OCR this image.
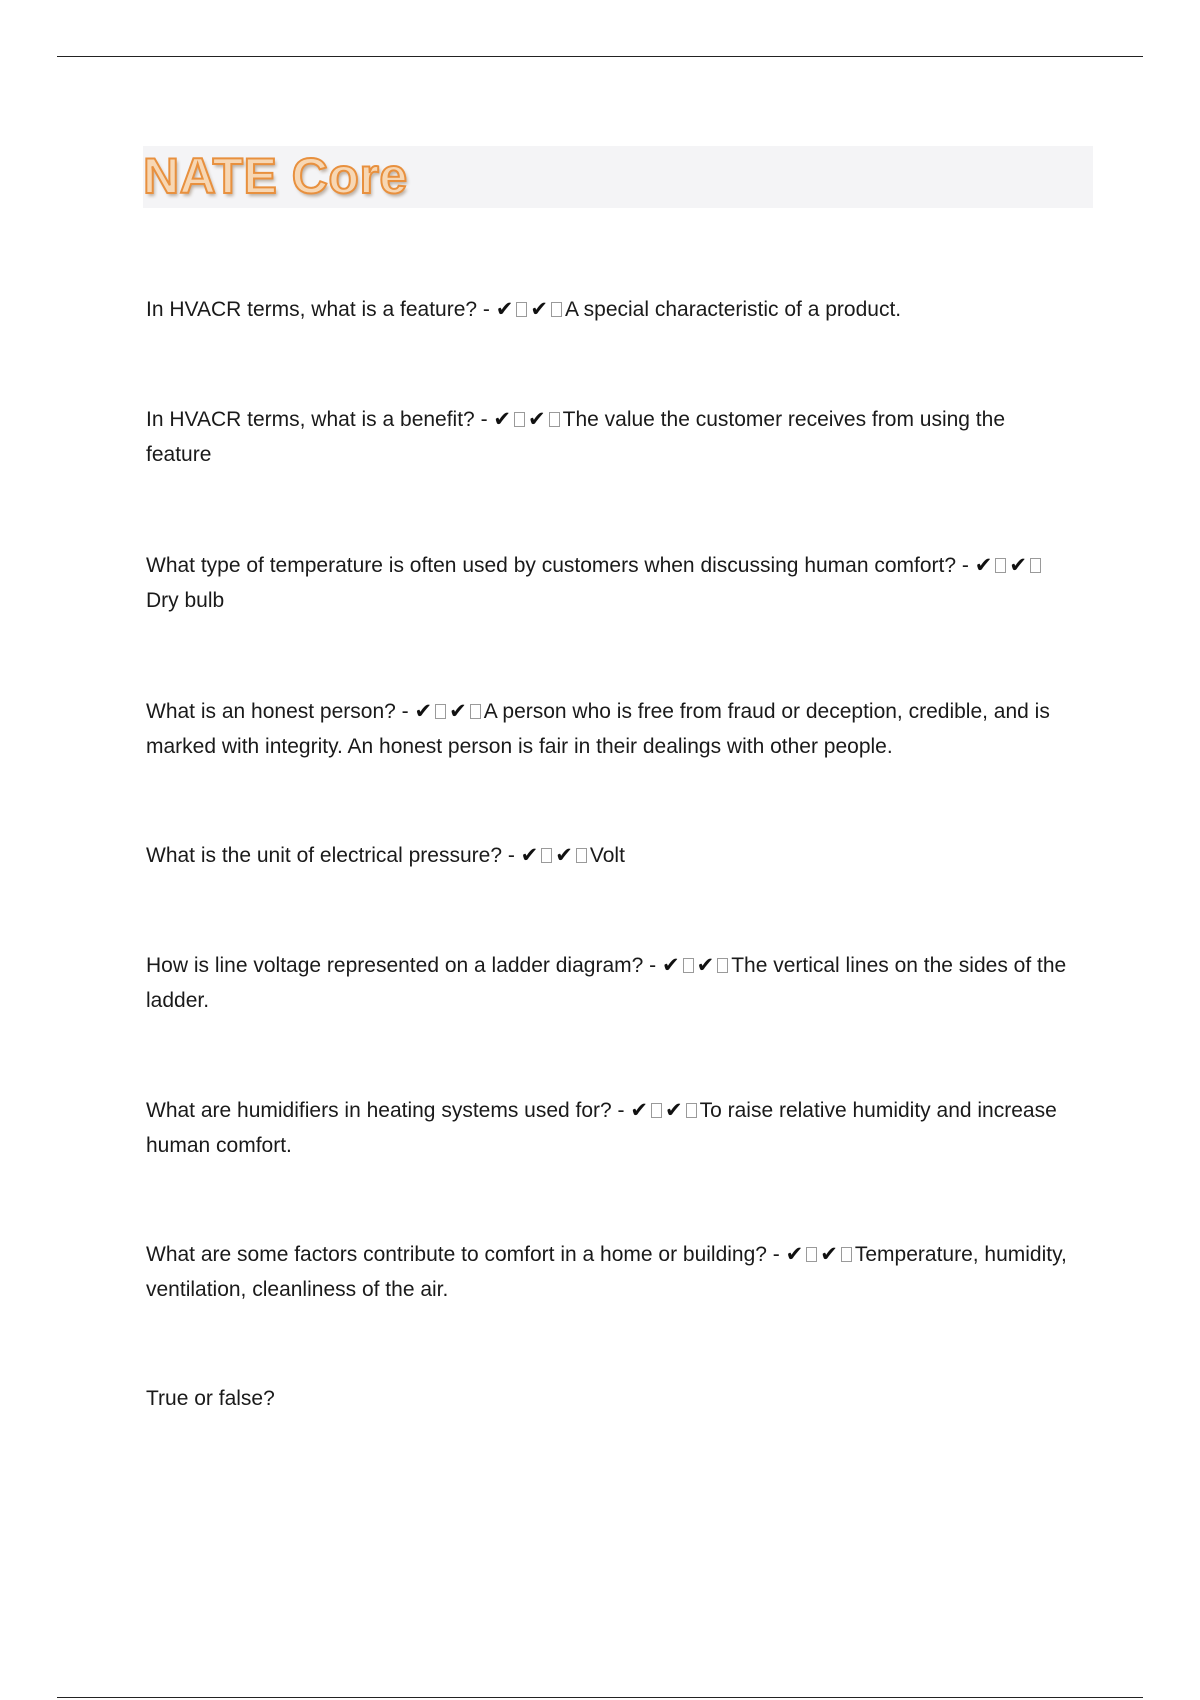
NATE Core

In HVACR terms, what is a feature? - ✔ ✔ A special characteristic of a product.

In HVACR terms, what is a benefit? - ✔ ✔ The value the customer receives from using the feature

What type of temperature is often used by customers when discussing human comfort? - ✔ ✔Dry bulb

What is an honest person? - ✔ ✔ A person who is free from fraud or deception, credible, and is marked with integrity. An honest person is fair in their dealings with other people.

What is the unit of electrical pressure? - ✔ ✔ Volt

How is line voltage represented on a ladder diagram? - ✔ ✔ The vertical lines on the sides of the ladder.

What are humidifiers in heating systems used for? - ✔ ✔ To raise relative humidity and increase human comfort.

What are some factors contribute to comfort in a home or building? - ✔ ✔ Temperature, humidity, ventilation, cleanliness of the air.

True or false?
